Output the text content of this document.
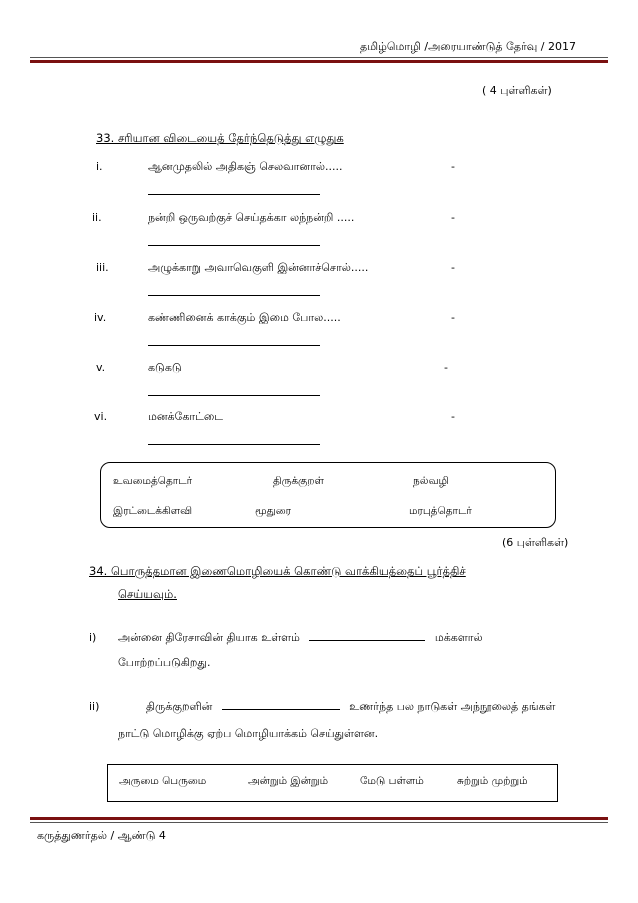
தமிழ்மொழி /அரையாண்டுத் தேர்வு / 2017
( 4 புள்ளிகள்)
33. சரியான விடையைத் தேர்ந்தெடுத்து எழுதுக
i.	ஆனமுதலில் அதிகஞ் செலவானால்.....	-
ii.	நன்றி ஒருவற்குச் செய்தக்கா லந்நன்றி .....	-
iii.	அழுக்காறு அவாவெகுளி இன்னாச்சொல்.....	-
iv.	கண்ணினைக் காக்கும் இமை போல.....	-
v.	கடுகடு	-
vi.	மனக்கோட்டை	-
உவமைத்தொடர்	திருக்குறள்	நல்வழி
இரட்டைக்கிளவி	மூதுரை	மரபுத்தொடர்
(6 புள்ளிகள்)
34. பொருத்தமான இணைமொழியைக் கொண்டு வாக்கியத்தைப் பூர்த்திச்
செய்யவும்.
i) அன்னை திரேசாவின் தியாக உள்ளம்	மக்களால்
போற்றப்படுகிறது.
ii)	திருக்குறளின்	உணர்ந்த பல நாடுகள் அந்நூலைத் தங்கள்
நாட்டு மொழிக்கு ஏற்ப மொழியாக்கம் செய்துள்ளன.
அருமை பெருமை	அன்றும் இன்றும்	மேடு பள்ளம்	சுற்றும் முற்றும்
கருத்துணர்தல் / ஆண்டு 4
